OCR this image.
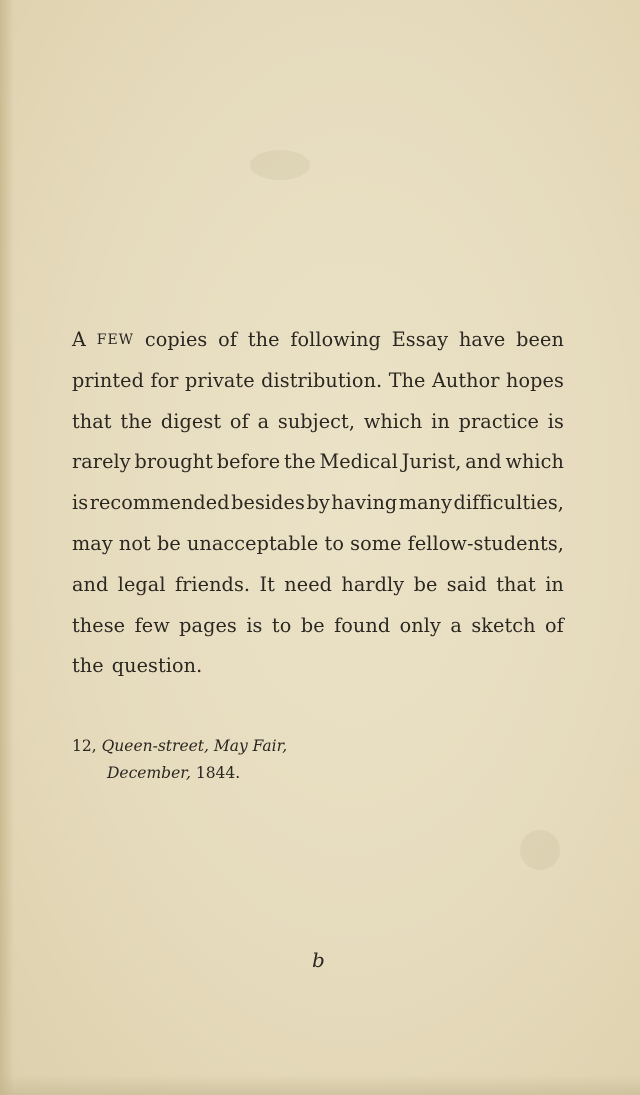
A FEW copies of the following Essay have been
printed for private distribution. The Author hopes
that the digest of a subject, which in practice is
rarely brought before the Medical Jurist, and which
is recommended besides by having many difficulties,
may not be unacceptable to some fellow-students,
and legal friends. It need hardly be said that in
these few pages is to be found only a sketch of
the question.
12, Queen-street, May Fair,
December, 1844.
b
